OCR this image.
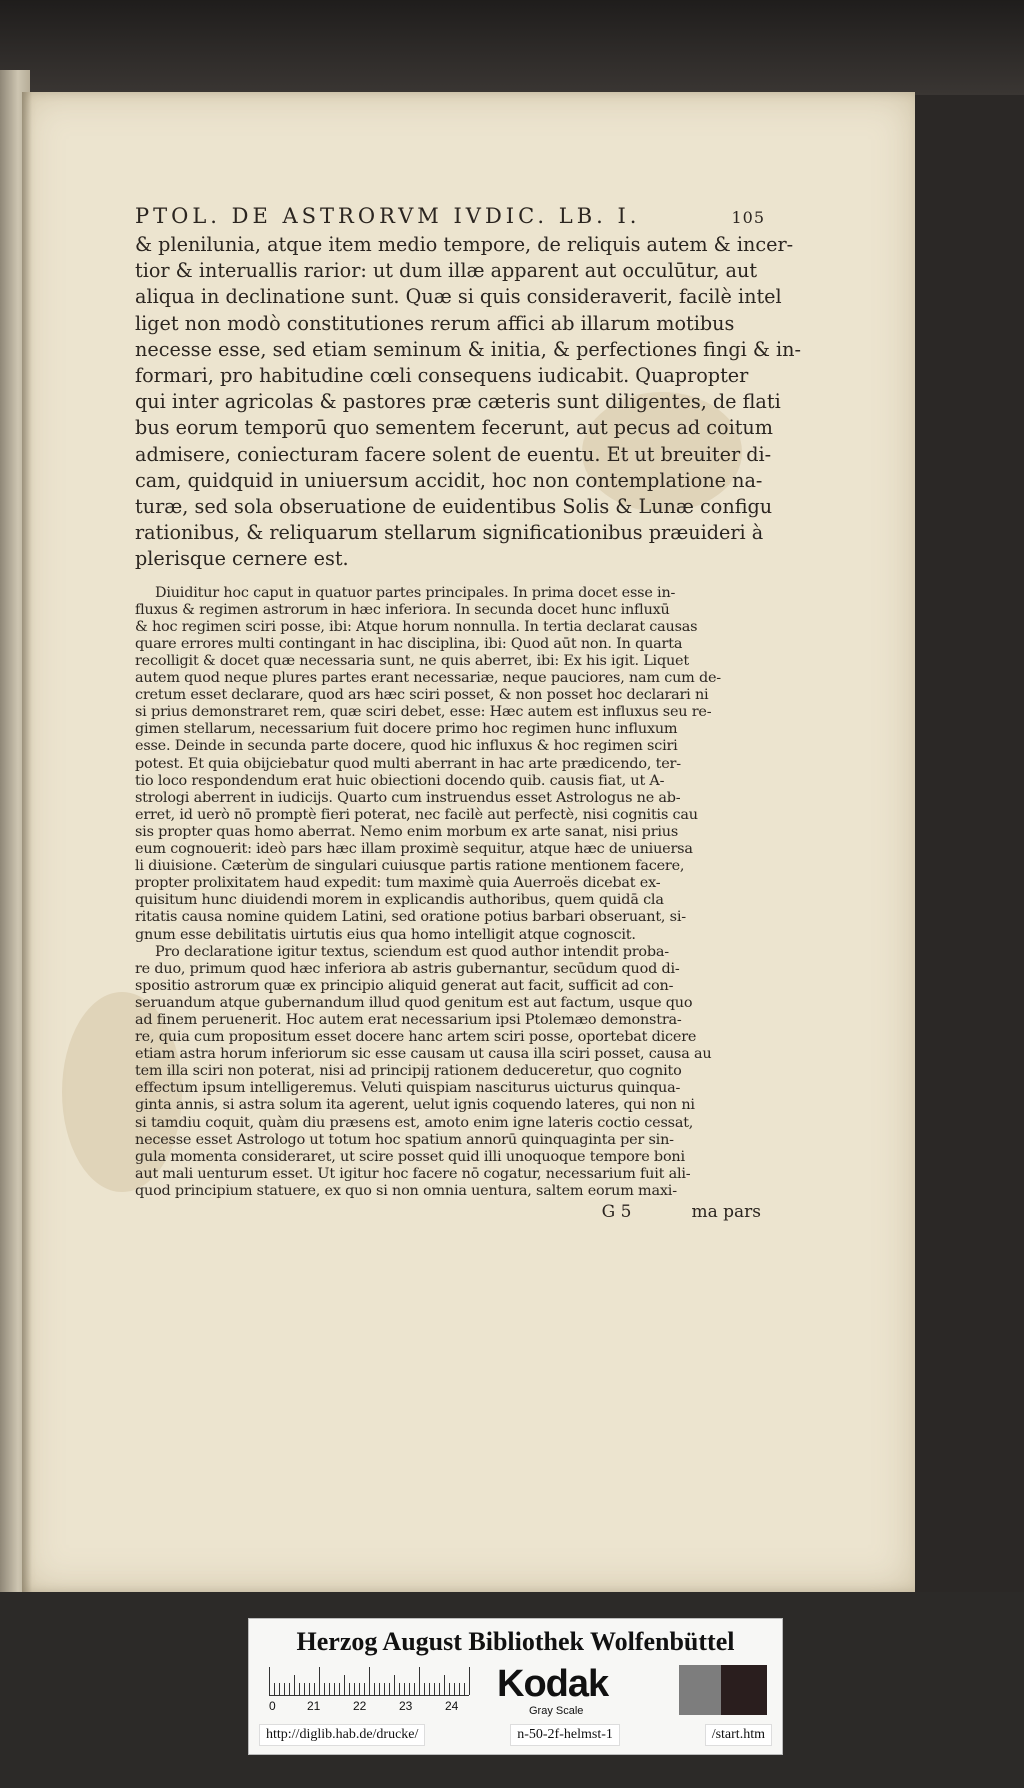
PTOL. DE ASTRORVM IVDIC. LB. I.	105

& plenilunia, atque item medio tempore, de reliquis autem & incer-
tior & interuallis rarior: ut dum illæ apparent aut occulūtur, aut
aliqua in declinatione sunt. Quæ si quis consideraverit, facilè intel
liget non modò constitutiones rerum affici ab illarum motibus
necesse esse, sed etiam seminum & initia, & perfectiones fingi & in-
formari, pro habitudine cœli consequens iudicabit. Quapropter
qui inter agricolas & pastores præ cæteris sunt diligentes, de flati
bus eorum temporū quo sementem fecerunt, aut pecus ad coitum
admisere, coniecturam facere solent de euentu. Et ut breuiter di-
cam, quidquid in uniuersum accidit, hoc non contemplatione na-
turæ, sed sola obseruatione de euidentibus Solis & Lunæ configu
rationibus, & reliquarum stellarum significationibus præuideri à
plerisque cernere est.

Diuiditur hoc caput in quatuor partes principales. In prima docet esse in-
fluxus & regimen astrorum in hæc inferiora. In secunda docet hunc influxū
& hoc regimen sciri posse, ibi: Atque horum nonnulla. In tertia declarat causas
quare errores multi contingant in hac disciplina, ibi: Quod aūt non. In quarta
recolligit & docet quæ necessaria sunt, ne quis aberret, ibi: Ex his igit. Liquet
autem quod neque plures partes erant necessariæ, neque pauciores, nam cum de-
cretum esset declarare, quod ars hæc sciri posset, & non posset hoc declarari ni
si prius demonstraret rem, quæ sciri debet, esse: Hæc autem est influxus seu re-
gimen stellarum, necessarium fuit docere primo hoc regimen hunc influxum
esse. Deinde in secunda parte docere, quod hic influxus & hoc regimen sciri
potest. Et quia obijciebatur quod multi aberrant in hac arte prædicendo, ter-
tio loco respondendum erat huic obiectioni docendo quib. causis fiat, ut A-
strologi aberrent in iudicijs. Quarto cum instruendus esset Astrologus ne ab-
erret, id uerò nō promptè fieri poterat, nec facilè aut perfectè, nisi cognitis cau
sis propter quas homo aberrat. Nemo enim morbum ex arte sanat, nisi prius
eum cognouerit: ideò pars hæc illam proximè sequitur, atque hæc de uniuersa
li diuisione. Cæterùm de singulari cuiusque partis ratione mentionem facere,
propter prolixitatem haud expedit: tum maximè quia Auerroës dicebat ex-
quisitum hunc diuidendi morem in explicandis authoribus, quem quidā cla
ritatis causa nomine quidem Latini, sed oratione potius barbari obseruant, si-
gnum esse debilitatis uirtutis eius qua homo intelligit atque cognoscit.

Pro declaratione igitur textus, sciendum est quod author intendit proba-
re duo, primum quod hæc inferiora ab astris gubernantur, secūdum quod di-
spositio astrorum quæ ex principio aliquid generat aut facit, sufficit ad con-
seruandum atque gubernandum illud quod genitum est aut factum, usque quo
ad finem peruenerit. Hoc autem erat necessarium ipsi Ptolemæo demonstra-
re, quia cum propositum esset docere hanc artem sciri posse, oportebat dicere
etiam astra horum inferiorum sic esse causam ut causa illa sciri posset, causa au
tem illa sciri non poterat, nisi ad principij rationem deduceretur, quo cognito
effectum ipsum intelligeremus. Veluti quispiam nasciturus uicturus quinqua-
ginta annis, si astra solum ita agerent, uelut ignis coquendo lateres, qui non ni
si tamdiu coquit, quàm diu præsens est, amoto enim igne lateris coctio cessat,
necesse esset Astrologo ut totum hoc spatium annorū quinquaginta per sin-
gula momenta consideraret, ut scire posset quid illi unoquoque tempore boni
aut mali uenturum esset. Ut igitur hoc facere nō cogatur, necessarium fuit ali-
quod principium statuere, ex quo si non omnia uentura, saltem eorum maxi-

G 5	ma pars
Herzog August Bibliothek Wolfenbüttel
0	21	22	23	24
Kodak
Gray Scale
http://diglib.hab.de/drucke/	n-50-2f-helmst-1	/start.htm
